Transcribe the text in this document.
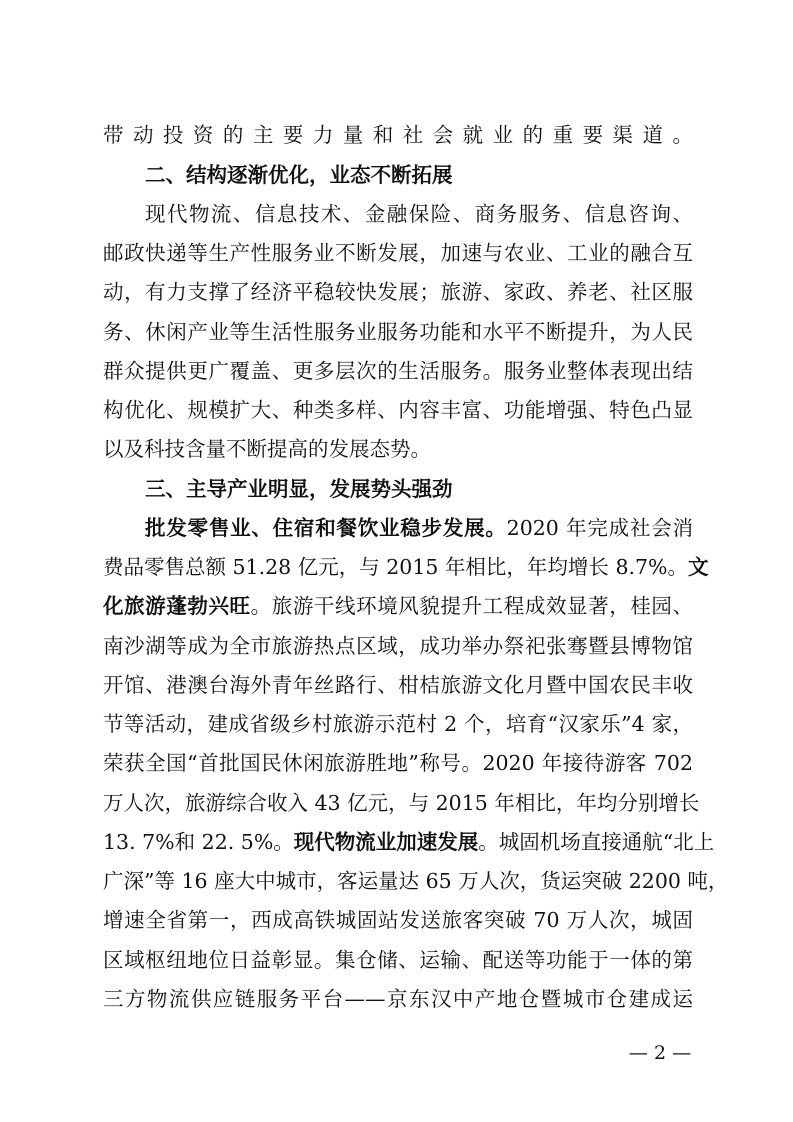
带动投资的主要力量和社会就业的重要渠道。
二、结构逐渐优化，业态不断拓展
现代物流、信息技术、金融保险、商务服务、信息咨询、
邮政快递等生产性服务业不断发展，加速与农业、工业的融合互
动，有力支撑了经济平稳较快发展；旅游、家政、养老、社区服
务、休闲产业等生活性服务业服务功能和水平不断提升，为人民
群众提供更广覆盖、更多层次的生活服务。服务业整体表现出结
构优化、规模扩大、种类多样、内容丰富、功能增强、特色凸显
以及科技含量不断提高的发展态势。
三、主导产业明显，发展势头强劲
批发零售业、住宿和餐饮业稳步发展。2020 年完成社会消
费品零售总额 51.28 亿元，与 2015 年相比，年均增长 8.7%。文
化旅游蓬勃兴旺。旅游干线环境风貌提升工程成效显著，桂园、
南沙湖等成为全市旅游热点区域，成功举办祭祀张骞暨县博物馆
开馆、港澳台海外青年丝路行、柑桔旅游文化月暨中国农民丰收
节等活动，建成省级乡村旅游示范村 2 个，培育“汉家乐”4 家，
荣获全国“首批国民休闲旅游胜地”称号。2020 年接待游客 702
万人次，旅游综合收入 43 亿元，与 2015 年相比，年均分别增长
13. 7%和 22. 5%。现代物流业加速发展。城固机场直接通航“北上
广深”等 16 座大中城市，客运量达 65 万人次，货运突破 2200 吨，
增速全省第一，西成高铁城固站发送旅客突破 70 万人次，城固
区域枢纽地位日益彰显。集仓储、运输、配送等功能于一体的第
三方物流供应链服务平台——京东汉中产地仓暨城市仓建成运
— 2 —
